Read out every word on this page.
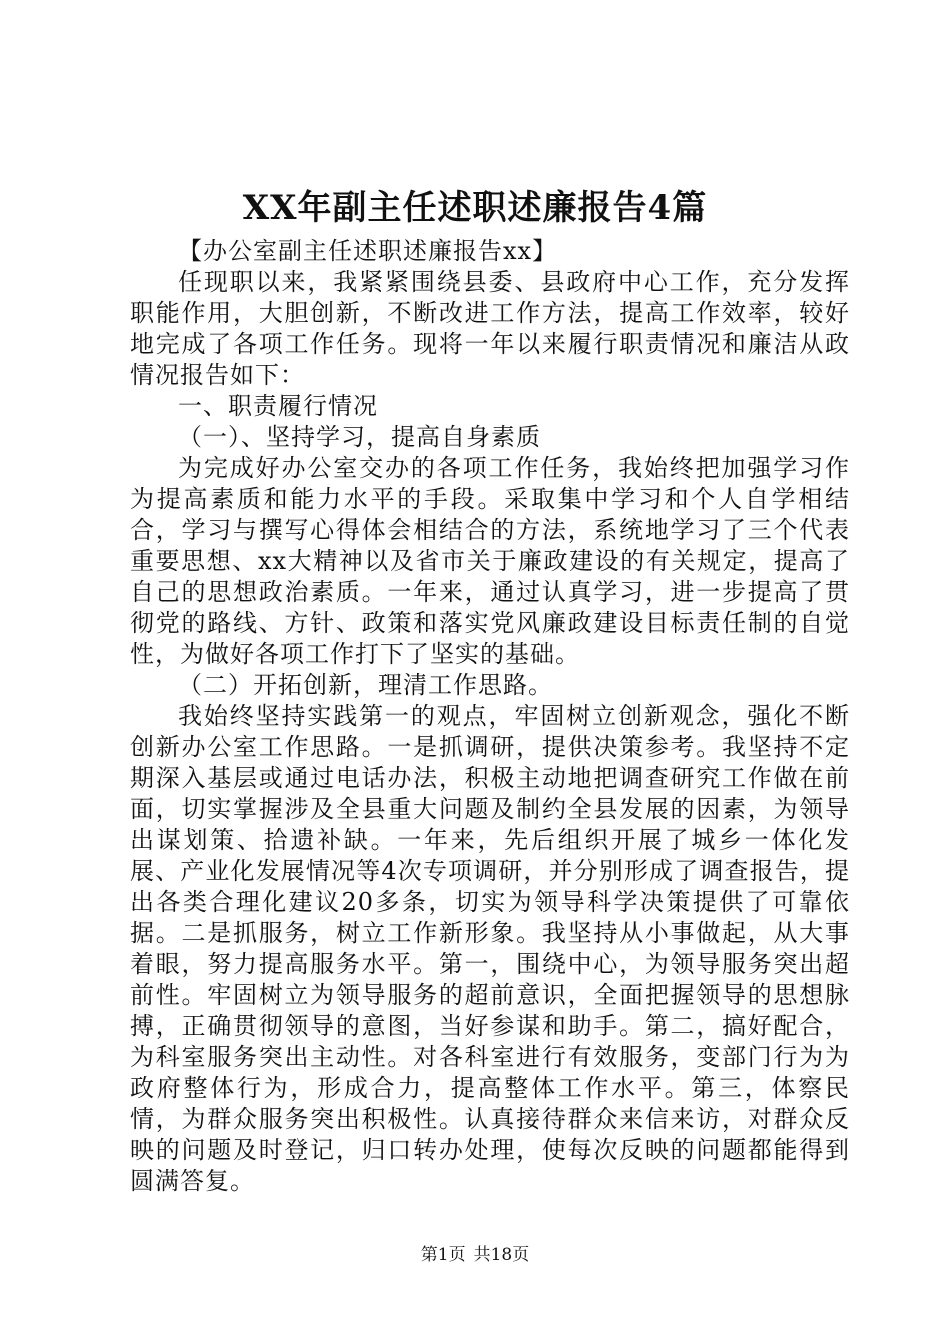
XX年副主任述职述廉报告4篇

【办公室副主任述职述廉报告xx】

任现职以来，我紧紧围绕县委、县政府中心工作，充分发挥职能作用，大胆创新，不断改进工作方法，提高工作效率，较好地完成了各项工作任务。现将一年以来履行职责情况和廉洁从政情况报告如下：

一、职责履行情况

（一）、坚持学习，提高自身素质

为完成好办公室交办的各项工作任务，我始终把加强学习作为提高素质和能力水平的手段。采取集中学习和个人自学相结合，学习与撰写心得体会相结合的方法，系统地学习了三个代表重要思想、xx大精神以及省市关于廉政建设的有关规定，提高了自己的思想政治素质。一年来，通过认真学习，进一步提高了贯彻党的路线、方针、政策和落实党风廉政建设目标责任制的自觉性，为做好各项工作打下了坚实的基础。

（二）开拓创新，理清工作思路。

我始终坚持实践第一的观点，牢固树立创新观念，强化不断创新办公室工作思路。一是抓调研，提供决策参考。我坚持不定期深入基层或通过电话办法，积极主动地把调查研究工作做在前面，切实掌握涉及全县重大问题及制约全县发展的因素，为领导出谋划策、拾遗补缺。一年来，先后组织开展了城乡一体化发展、产业化发展情况等4次专项调研，并分别形成了调查报告，提出各类合理化建议20多条，切实为领导科学决策提供了可靠依据。二是抓服务，树立工作新形象。我坚持从小事做起，从大事着眼，努力提高服务水平。第一，围绕中心，为领导服务突出超前性。牢固树立为领导服务的超前意识，全面把握领导的思想脉搏，正确贯彻领导的意图，当好参谋和助手。第二，搞好配合，为科室服务突出主动性。对各科室进行有效服务，变部门行为为政府整体行为，形成合力，提高整体工作水平。第三，体察民情，为群众服务突出积极性。认真接待群众来信来访，对群众反映的问题及时登记，归口转办处理，使每次反映的问题都能得到圆满答复。

第1页 共18页
